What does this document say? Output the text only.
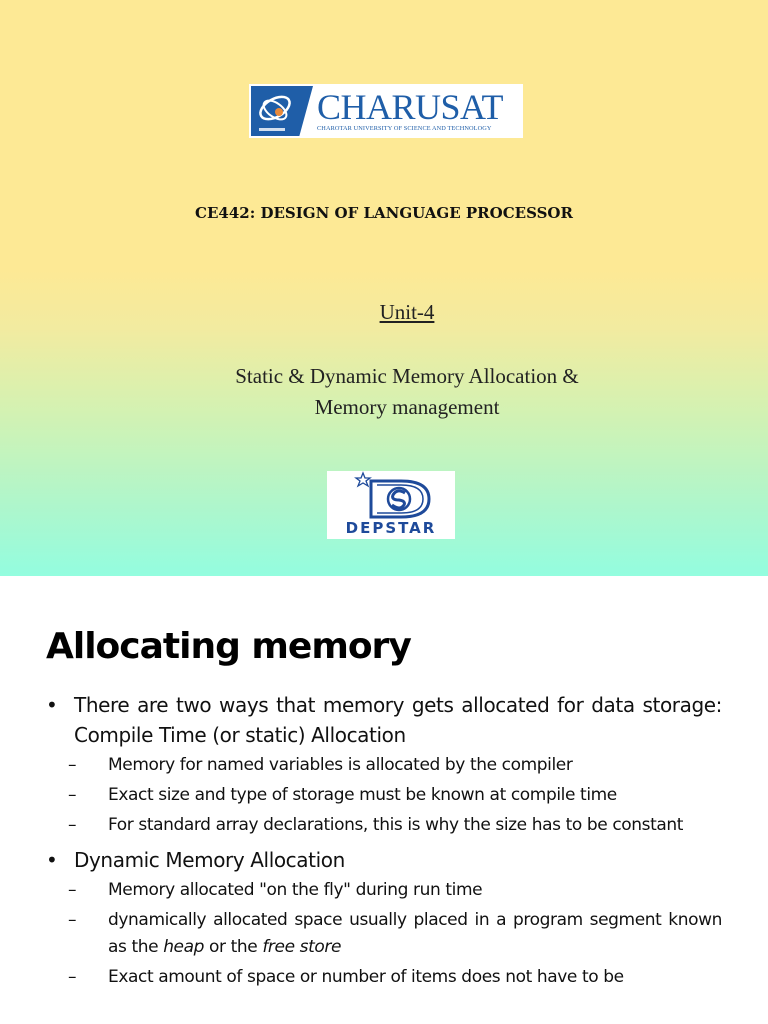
CHARUSAT
CHAROTAR UNIVERSITY OF SCIENCE AND TECHNOLOGY
CE442: DESIGN OF LANGUAGE PROCESSOR
Unit-4
Static & Dynamic Memory Allocation &
Memory management
DEPSTAR
Allocating memory
• There are two ways that memory gets allocated for data storage: Compile Time (or static) Allocation
– Memory for named variables is allocated by the compiler
– Exact size and type of storage must be known at compile time
– For standard array declarations, this is why the size has to be constant
• Dynamic Memory Allocation
– Memory allocated "on the fly" during run time
– dynamically allocated space usually placed in a program segment known as the heap or the free store
– Exact amount of space or number of items does not have to be
